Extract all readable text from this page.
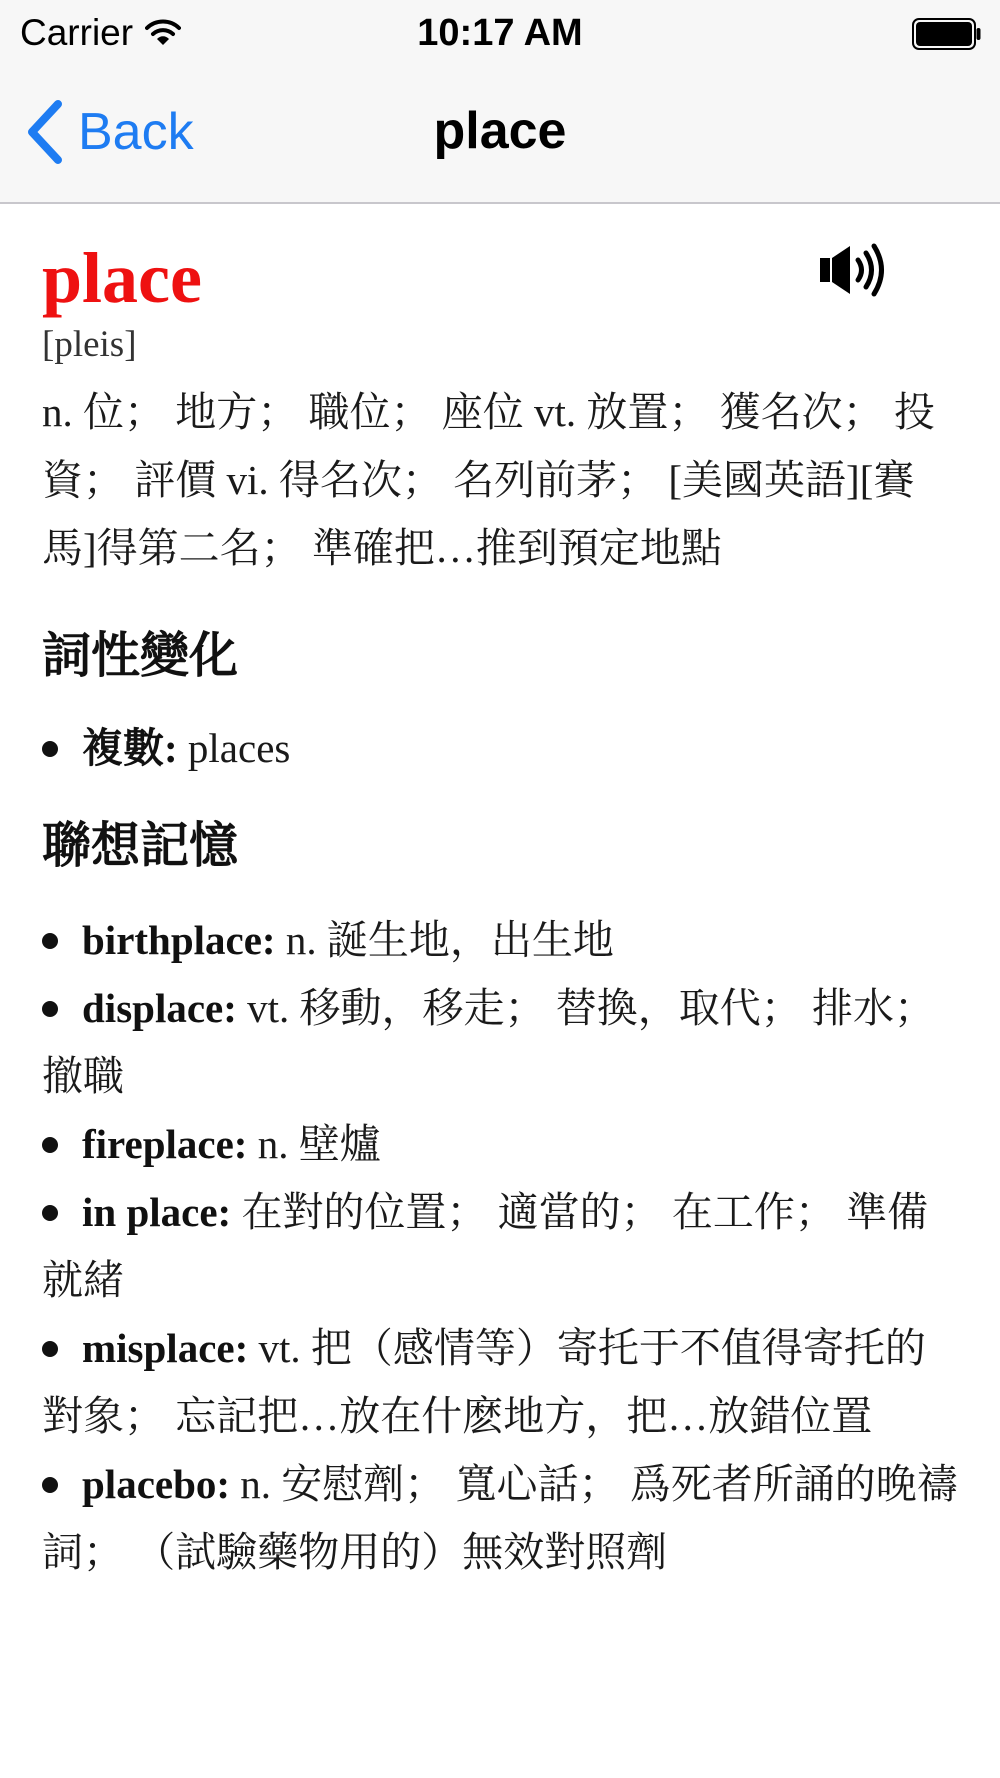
Carrier	10:17 AM
Back	place
place

[pleis]

n. 位； 地方； 職位； 座位 vt. 放置； 獲名次； 投資； 評價 vi. 得名次； 名列前茅； [美國英語][賽馬]得第二名； 準確把…推到預定地點

詞性變化
複數: places
聯想記憶
birthplace: n. 誕生地，出生地
displace: vt. 移動，移走； 替換，取代； 排水； 撤職
fireplace: n. 壁爐
in place: 在對的位置； 適當的； 在工作； 準備就緒
misplace: vt. 把（感情等）寄托于不值得寄托的對象； 忘記把…放在什麽地方，把…放錯位置
placebo: n. 安慰劑； 寬心話； 爲死者所誦的晚禱詞； （試驗藥物用的）無效對照劑
